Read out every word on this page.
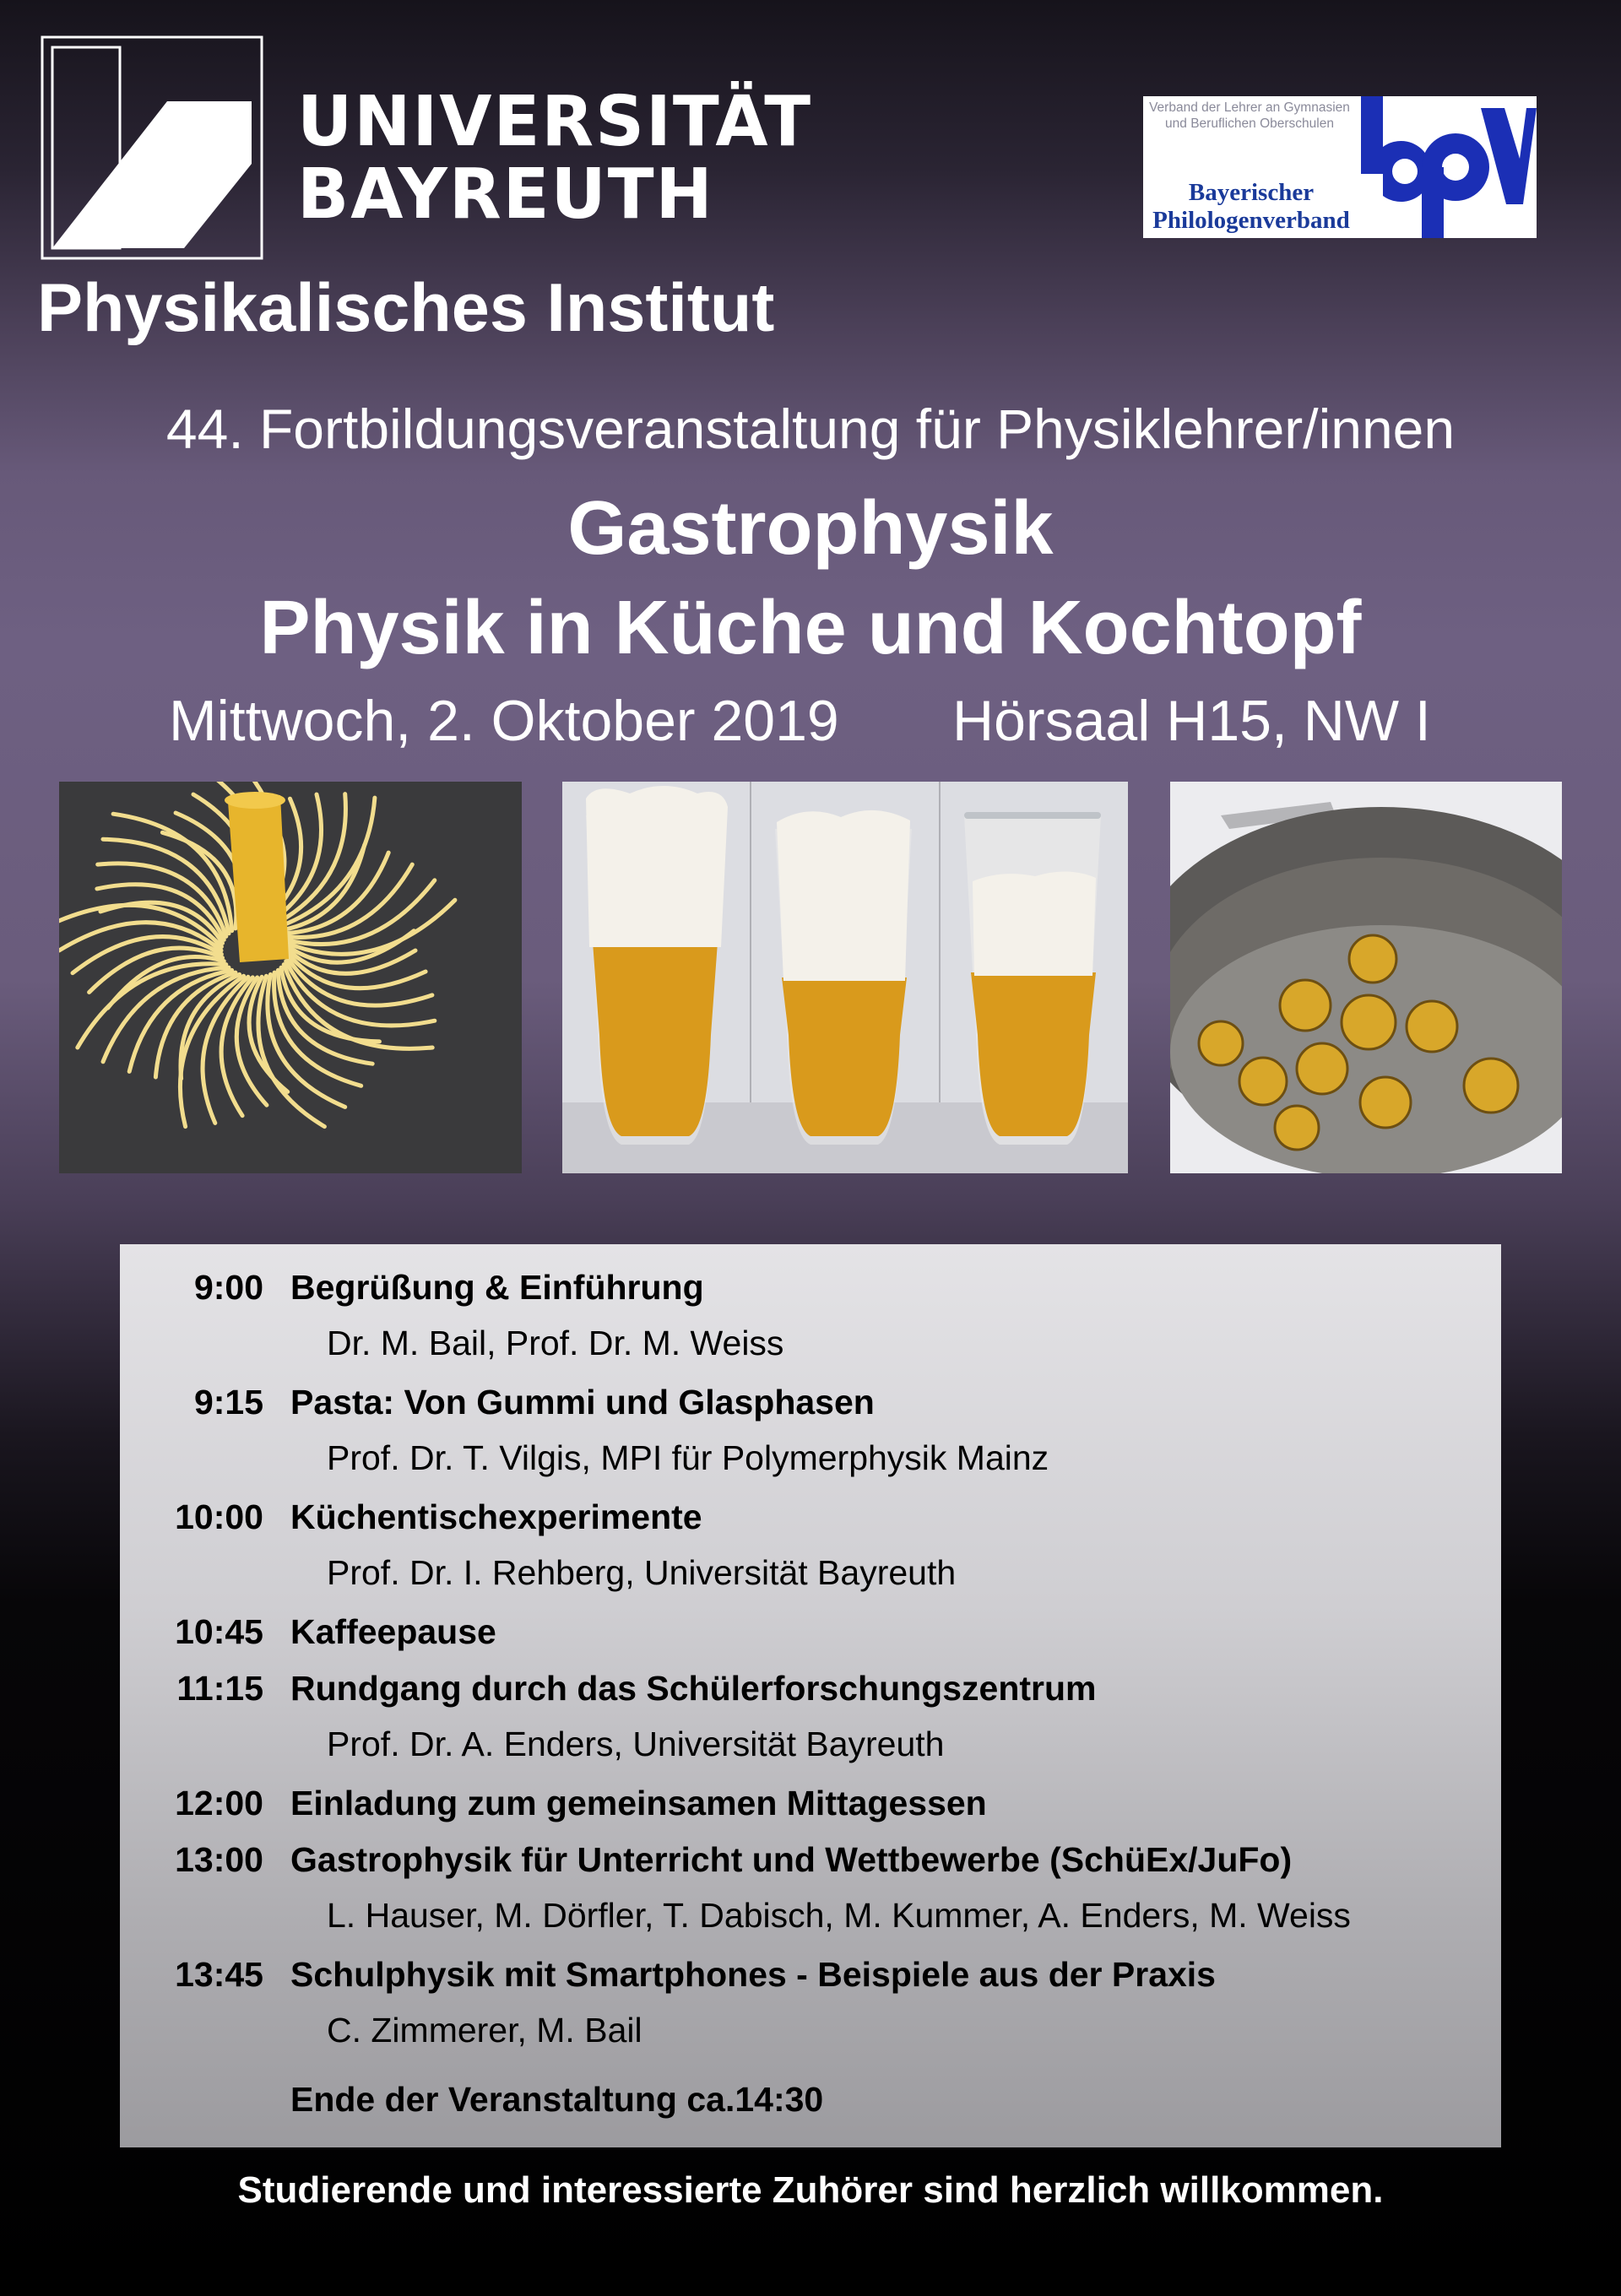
UNIVERSITÄT
BAYREUTH
Physikalisches Institut
Verband der Lehrer an Gymnasien
und Beruflichen Oberschulen
Bayerischer
Philologenverband
44. Fortbildungsveranstaltung für Physiklehrer/innen
Gastrophysik
Physik in Küche und Kochtopf
Mittwoch, 2. Oktober 2019 Hörsaal H15, NW I
9:00 Begrüßung & Einführung
Dr. M. Bail, Prof. Dr. M. Weiss
9:15 Pasta: Von Gummi und Glasphasen
Prof. Dr. T. Vilgis, MPI für Polymerphysik Mainz
10:00 Küchentischexperimente
Prof. Dr. I. Rehberg, Universität Bayreuth
10:45 Kaffeepause
11:15 Rundgang durch das Schülerforschungszentrum
Prof. Dr. A. Enders, Universität Bayreuth
12:00 Einladung zum gemeinsamen Mittagessen
13:00 Gastrophysik für Unterricht und Wettbewerbe (SchüEx/JuFo)
L. Hauser, M. Dörfler, T. Dabisch, M. Kummer, A. Enders, M. Weiss
13:45 Schulphysik mit Smartphones - Beispiele aus der Praxis
C. Zimmerer, M. Bail
Ende der Veranstaltung ca.14:30
Studierende und interessierte Zuhörer sind herzlich willkommen.
